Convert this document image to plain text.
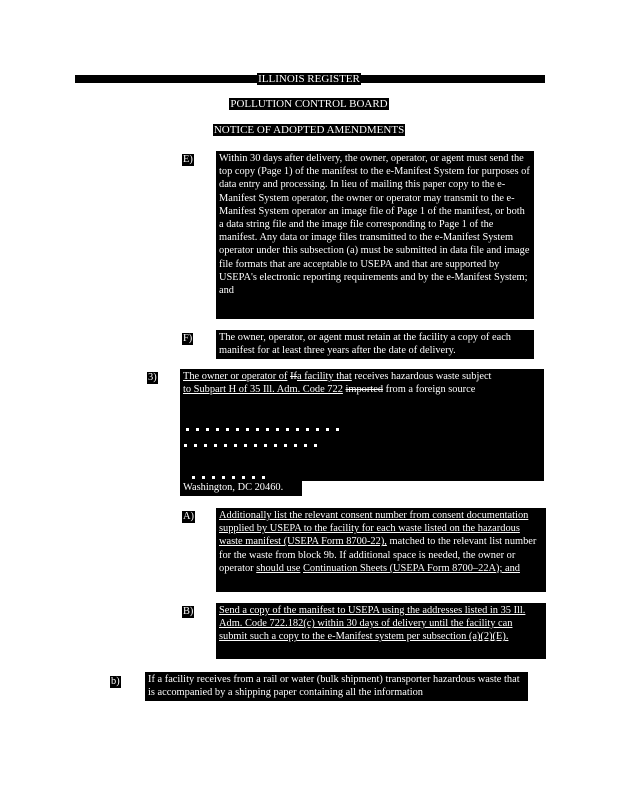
ILLINOIS REGISTER
POLLUTION CONTROL BOARD
NOTICE OF ADOPTED AMENDMENTS
E)	Within 30 days after delivery, the owner, operator, or agent must send the top copy (Page 1) of the manifest to the e-Manifest System for purposes of data entry and processing. In lieu of mailing this paper copy to the e-Manifest System operator, the owner or operator may transmit to the e-Manifest System operator an image file of Page 1 of the manifest, or both a data string file and the image file corresponding to Page 1 of the manifest. Any data or image files transmitted to the e-Manifest System operator under this subsection (a) must be submitted in data file and image file formats that are acceptable to USEPA and that are supported by USEPA's electronic reporting requirements and by the e-Manifest System; and
F)	The owner, operator, or agent must retain at the facility a copy of each manifest for at least three years after the date of delivery.
3)	The owner or operator of Ifa facility that receives hazardous waste subject
to Subpart H of 35 Ill. Adm. Code 722 imported from a foreign source
Washington, DC 20460.
A) Additionally list the relevant consent number from consent documentation supplied by USEPA to the facility for each waste listed on the hazardous waste manifest (USEPA Form 8700-22), matched to the relevant list number for the waste from block 9b. If additional space is needed, the owner or operator should use Continuation Sheets (USEPA Form 8700–22A); and
B) Send a copy of the manifest to USEPA using the addresses listed in 35 Ill. Adm. Code 722.182(c) within 30 days of delivery until the facility can submit such a copy to the e-Manifest system per subsection (a)(2)(E).
b)	If a facility receives from a rail or water (bulk shipment) transporter hazardous waste that is accompanied by a shipping paper containing all the information
